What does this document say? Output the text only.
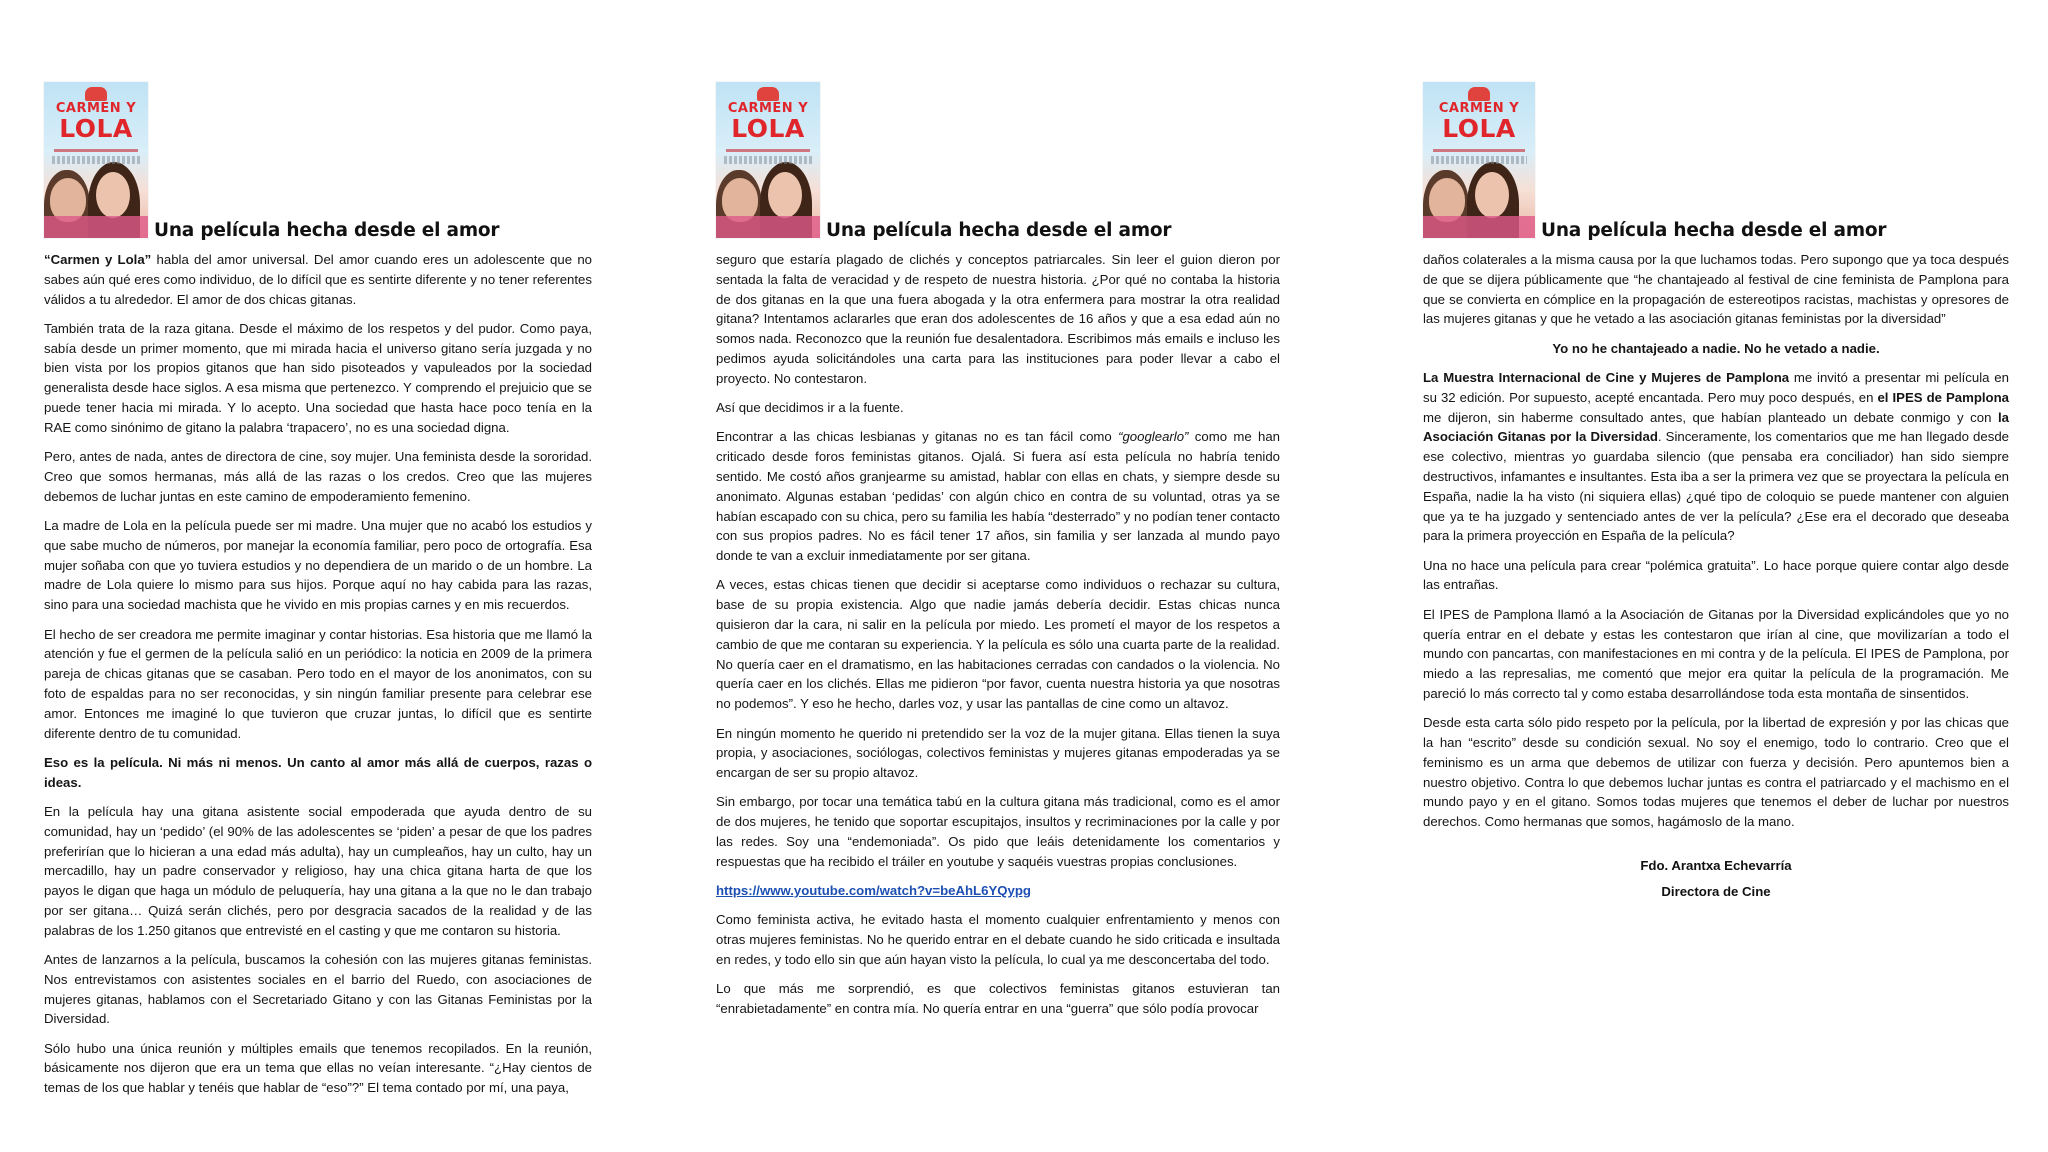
CARMEN Y
LOLA
Una película hecha desde el amor

“Carmen y Lola” habla del amor universal. Del amor cuando eres un adolescente que no sabes aún qué eres como individuo, de lo difícil que es sentirte diferente y no tener referentes válidos a tu alrededor. El amor de dos chicas gitanas.

También trata de la raza gitana. Desde el máximo de los respetos y del pudor. Como paya, sabía desde un primer momento, que mi mirada hacia el universo gitano sería juzgada y no bien vista por los propios gitanos que han sido pisoteados y vapuleados por la sociedad generalista desde hace siglos. A esa misma que pertenezco. Y comprendo el prejuicio que se puede tener hacia mi mirada. Y lo acepto. Una sociedad que hasta hace poco tenía en la RAE como sinónimo de gitano la palabra ‘trapacero’, no es una sociedad digna.

Pero, antes de nada, antes de directora de cine, soy mujer. Una feminista desde la sororidad. Creo que somos hermanas, más allá de las razas o los credos. Creo que las mujeres debemos de luchar juntas en este camino de empoderamiento femenino.

La madre de Lola en la película puede ser mi madre. Una mujer que no acabó los estudios y que sabe mucho de números, por manejar la economía familiar, pero poco de ortografía. Esa mujer soñaba con que yo tuviera estudios y no dependiera de un marido o de un hombre. La madre de Lola quiere lo mismo para sus hijos. Porque aquí no hay cabida para las razas, sino para una sociedad machista que he vivido en mis propias carnes y en mis recuerdos.

El hecho de ser creadora me permite imaginar y contar historias. Esa historia que me llamó la atención y fue el germen de la película salió en un periódico: la noticia en 2009 de la primera pareja de chicas gitanas que se casaban. Pero todo en el mayor de los anonimatos, con su foto de espaldas para no ser reconocidas, y sin ningún familiar presente para celebrar ese amor. Entonces me imaginé lo que tuvieron que cruzar juntas, lo difícil que es sentirte diferente dentro de tu comunidad.

Eso es la película. Ni más ni menos. Un canto al amor más allá de cuerpos, razas o ideas.

En la película hay una gitana asistente social empoderada que ayuda dentro de su comunidad, hay un ‘pedido’ (el 90% de las adolescentes se ‘piden’ a pesar de que los padres preferirían que lo hicieran a una edad más adulta), hay un cumpleaños, hay un culto, hay un mercadillo, hay un padre conservador y religioso, hay una chica gitana harta de que los payos le digan que haga un módulo de peluquería, hay una gitana a la que no le dan trabajo por ser gitana… Quizá serán clichés, pero por desgracia sacados de la realidad y de las palabras de los 1.250 gitanos que entrevisté en el casting y que me contaron su historia.

Antes de lanzarnos a la película, buscamos la cohesión con las mujeres gitanas feministas. Nos entrevistamos con asistentes sociales en el barrio del Ruedo, con asociaciones de mujeres gitanas, hablamos con el Secretariado Gitano y con las Gitanas Feministas por la Diversidad.

Sólo hubo una única reunión y múltiples emails que tenemos recopilados. En la reunión, básicamente nos dijeron que era un tema que ellas no veían interesante. “¿Hay cientos de temas de los que hablar y tenéis que hablar de “eso”?” El tema contado por mí, una paya,

CARMEN Y
LOLA
Una película hecha desde el amor

seguro que estaría plagado de clichés y conceptos patriarcales. Sin leer el guion dieron por sentada la falta de veracidad y de respeto de nuestra historia. ¿Por qué no contaba la historia de dos gitanas en la que una fuera abogada y la otra enfermera para mostrar la otra realidad gitana? Intentamos aclararles que eran dos adolescentes de 16 años y que a esa edad aún no somos nada. Reconozco que la reunión fue desalentadora. Escribimos más emails e incluso les pedimos ayuda solicitándoles una carta para las instituciones para poder llevar a cabo el proyecto. No contestaron.

Así que decidimos ir a la fuente.

Encontrar a las chicas lesbianas y gitanas no es tan fácil como “googlearlo” como me han criticado desde foros feministas gitanos. Ojalá. Si fuera así esta película no habría tenido sentido. Me costó años granjearme su amistad, hablar con ellas en chats, y siempre desde su anonimato. Algunas estaban ‘pedidas’ con algún chico en contra de su voluntad, otras ya se habían escapado con su chica, pero su familia les había “desterrado” y no podían tener contacto con sus propios padres. No es fácil tener 17 años, sin familia y ser lanzada al mundo payo donde te van a excluir inmediatamente por ser gitana.

A veces, estas chicas tienen que decidir si aceptarse como individuos o rechazar su cultura, base de su propia existencia. Algo que nadie jamás debería decidir. Estas chicas nunca quisieron dar la cara, ni salir en la película por miedo. Les prometí el mayor de los respetos a cambio de que me contaran su experiencia. Y la película es sólo una cuarta parte de la realidad. No quería caer en el dramatismo, en las habitaciones cerradas con candados o la violencia. No quería caer en los clichés. Ellas me pidieron “por favor, cuenta nuestra historia ya que nosotras no podemos”. Y eso he hecho, darles voz, y usar las pantallas de cine como un altavoz.

En ningún momento he querido ni pretendido ser la voz de la mujer gitana. Ellas tienen la suya propia, y asociaciones, sociólogas, colectivos feministas y mujeres gitanas empoderadas ya se encargan de ser su propio altavoz.

Sin embargo, por tocar una temática tabú en la cultura gitana más tradicional, como es el amor de dos mujeres, he tenido que soportar escupitajos, insultos y recriminaciones por la calle y por las redes. Soy una “endemoniada”. Os pido que leáis detenidamente los comentarios y respuestas que ha recibido el tráiler en youtube y saquéis vuestras propias conclusiones.

https://www.youtube.com/watch?v=beAhL6YQypg

Como feminista activa, he evitado hasta el momento cualquier enfrentamiento y menos con otras mujeres feministas. No he querido entrar en el debate cuando he sido criticada e insultada en redes, y todo ello sin que aún hayan visto la película, lo cual ya me desconcertaba del todo.

Lo que más me sorprendió, es que colectivos feministas gitanos estuvieran tan “enrabietadamente” en contra mía. No quería entrar en una “guerra” que sólo podía provocar

CARMEN Y
LOLA
Una película hecha desde el amor

daños colaterales a la misma causa por la que luchamos todas. Pero supongo que ya toca después de que se dijera públicamente que “he chantajeado al festival de cine feminista de Pamplona para que se convierta en cómplice en la propagación de estereotipos racistas, machistas y opresores de las mujeres gitanas y que he vetado a las asociación gitanas feministas por la diversidad”

Yo no he chantajeado a nadie. No he vetado a nadie.

La Muestra Internacional de Cine y Mujeres de Pamplona me invitó a presentar mi película en su 32 edición. Por supuesto, acepté encantada. Pero muy poco después, en el IPES de Pamplona me dijeron, sin haberme consultado antes, que habían planteado un debate conmigo y con la Asociación Gitanas por la Diversidad. Sinceramente, los comentarios que me han llegado desde ese colectivo, mientras yo guardaba silencio (que pensaba era conciliador) han sido siempre destructivos, infamantes e insultantes. Esta iba a ser la primera vez que se proyectara la película en España, nadie la ha visto (ni siquiera ellas) ¿qué tipo de coloquio se puede mantener con alguien que ya te ha juzgado y sentenciado antes de ver la película? ¿Ese era el decorado que deseaba para la primera proyección en España de la película?

Una no hace una película para crear “polémica gratuita”. Lo hace porque quiere contar algo desde las entrañas.

El IPES de Pamplona llamó a la Asociación de Gitanas por la Diversidad explicándoles que yo no quería entrar en el debate y estas les contestaron que irían al cine, que movilizarían a todo el mundo con pancartas, con manifestaciones en mi contra y de la película. El IPES de Pamplona, por miedo a las represalias, me comentó que mejor era quitar la película de la programación. Me pareció lo más correcto tal y como estaba desarrollándose toda esta montaña de sinsentidos.

Desde esta carta sólo pido respeto por la película, por la libertad de expresión y por las chicas que la han “escrito” desde su condición sexual. No soy el enemigo, todo lo contrario. Creo que el feminismo es un arma que debemos de utilizar con fuerza y decisión. Pero apuntemos bien a nuestro objetivo. Contra lo que debemos luchar juntas es contra el patriarcado y el machismo en el mundo payo y en el gitano. Somos todas mujeres que tenemos el deber de luchar por nuestros derechos. Como hermanas que somos, hagámoslo de la mano.

Fdo. Arantxa Echevarría
Directora de Cine
